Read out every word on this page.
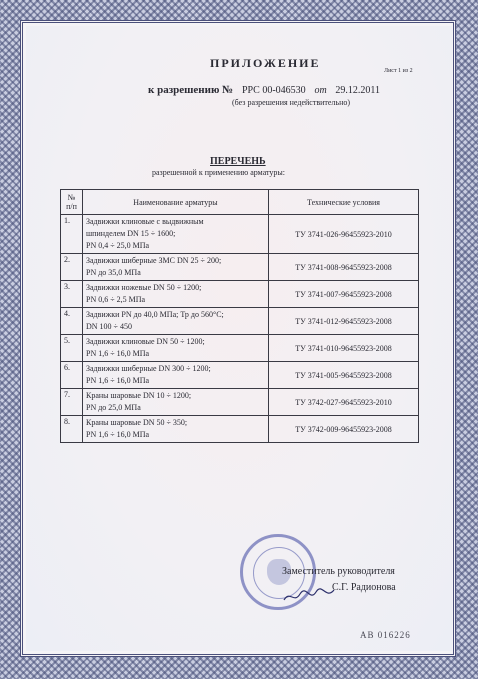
ПРИЛОЖЕНИЕ
Лист 1 из 2
к разрешению № РРС 00-046530 от 29.12.2011
(без разрешения недействительно)
ПЕРЕЧЕНЬ
разрешенной к применению арматуры:
№ п/п	Наименование арматуры	Технические условия
1.	Задвижки клиновые с выдвижным
шпинделем DN 15 ÷ 1600;
PN 0,4 ÷ 25,0 МПа	ТУ 3741-026-96455923-2010
2.	Задвижки шиберные ЗМС DN 25 ÷ 200;
PN до 35,0 МПа	ТУ 3741-008-96455923-2008
3.	Задвижки ножевые DN 50 ÷ 1200;
PN 0,6 ÷ 2,5 МПа	ТУ 3741-007-96455923-2008
4.	Задвижки PN до 40,0 МПа; Тр до 560°С;
DN 100 ÷ 450	ТУ 3741-012-96455923-2008
5.	Задвижки клиновые DN 50 ÷ 1200;
PN 1,6 ÷ 16,0 МПа	ТУ 3741-010-96455923-2008
6.	Задвижки шиберные DN 300 ÷ 1200;
PN 1,6 ÷ 16,0 МПа	ТУ 3741-005-96455923-2008
7.	Краны шаровые DN 10 ÷ 1200;
PN до 25,0 МПа	ТУ 3742-027-96455923-2010
8.	Краны шаровые DN 50 ÷ 350;
PN 1,6 ÷ 16,0 МПа	ТУ 3742-009-96455923-2008
Заместитель руководителя
С.Г. Радионова
АВ 016226
